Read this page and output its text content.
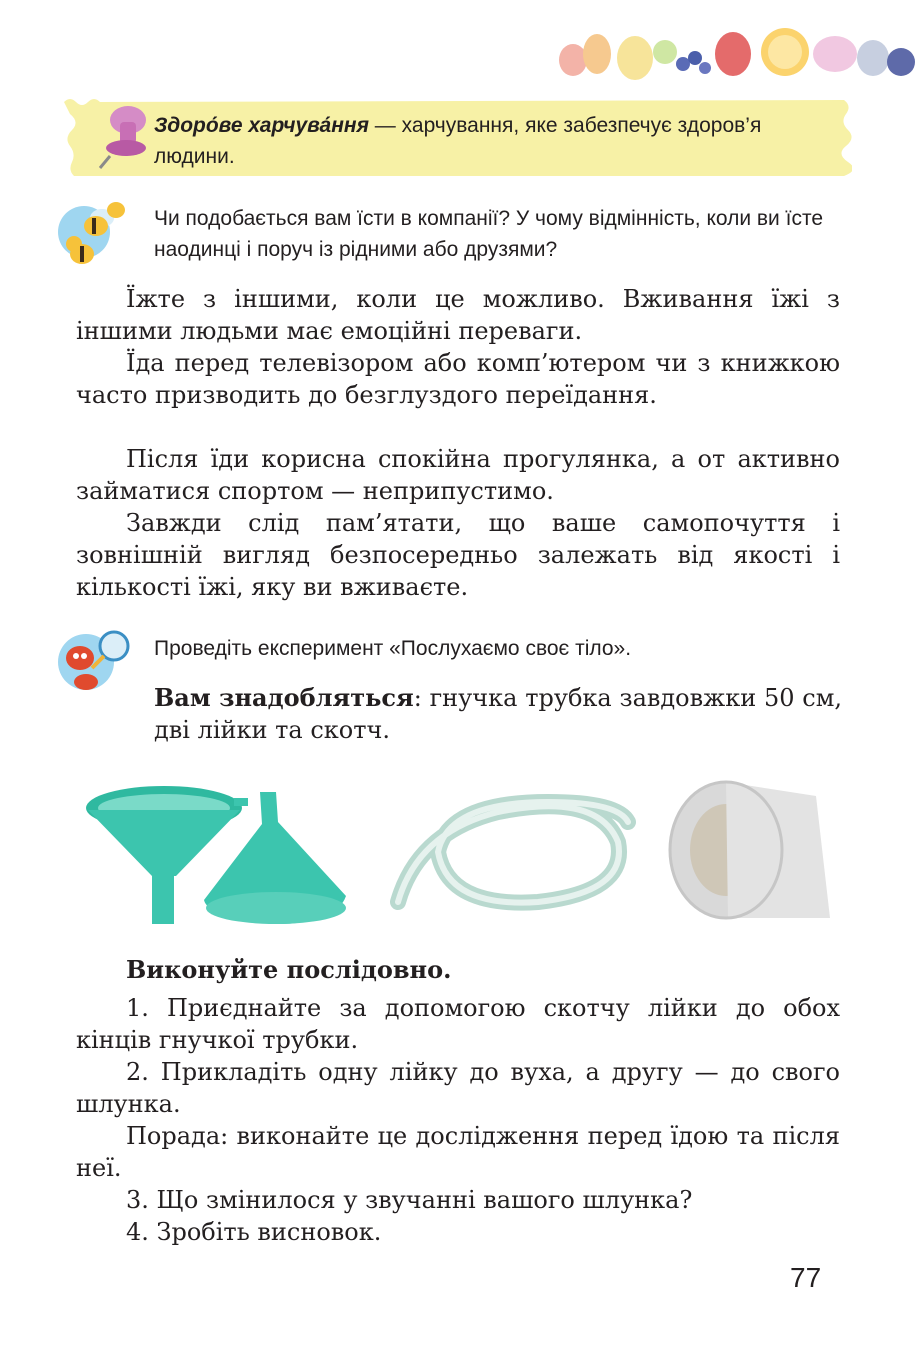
Здоро́ве харчува́ння — харчування, яке забезпечує здоров’я людини.

Чи подобається вам їсти в компанії? У чому відмінність, коли ви їсте наодинці і поруч із рідними або друзями?

Їжте з іншими, коли це можливо. Вживання їжі з іншими людьми має емоційні переваги.

Їда перед телевізором або комп’ютером чи з книжкою часто призводить до безглуздого переїдання.

Після їди корисна спокійна прогулянка, а от активно займатися спортом — неприпустимо.

Завжди слід пам’ятати, що ваше самопочуття і зовнішній вигляд безпосередньо залежать від якості і кількості їжі, яку ви вживаєте.

Проведіть експеримент «Послухаємо своє тіло».

Вам знадобляться: гнучка трубка завдовжки 50 см, дві лійки та скотч.

Виконуйте послідовно.

1. Приєднайте за допомогою скотчу лійки до обох кінців гнучкої трубки.

2. Прикладіть одну лійку до вуха, а другу — до свого шлунка.

Порада: виконайте це дослідження перед їдою та після неї.

3. Що змінилося у звучанні вашого шлунка?

4. Зробіть висновок.

77
